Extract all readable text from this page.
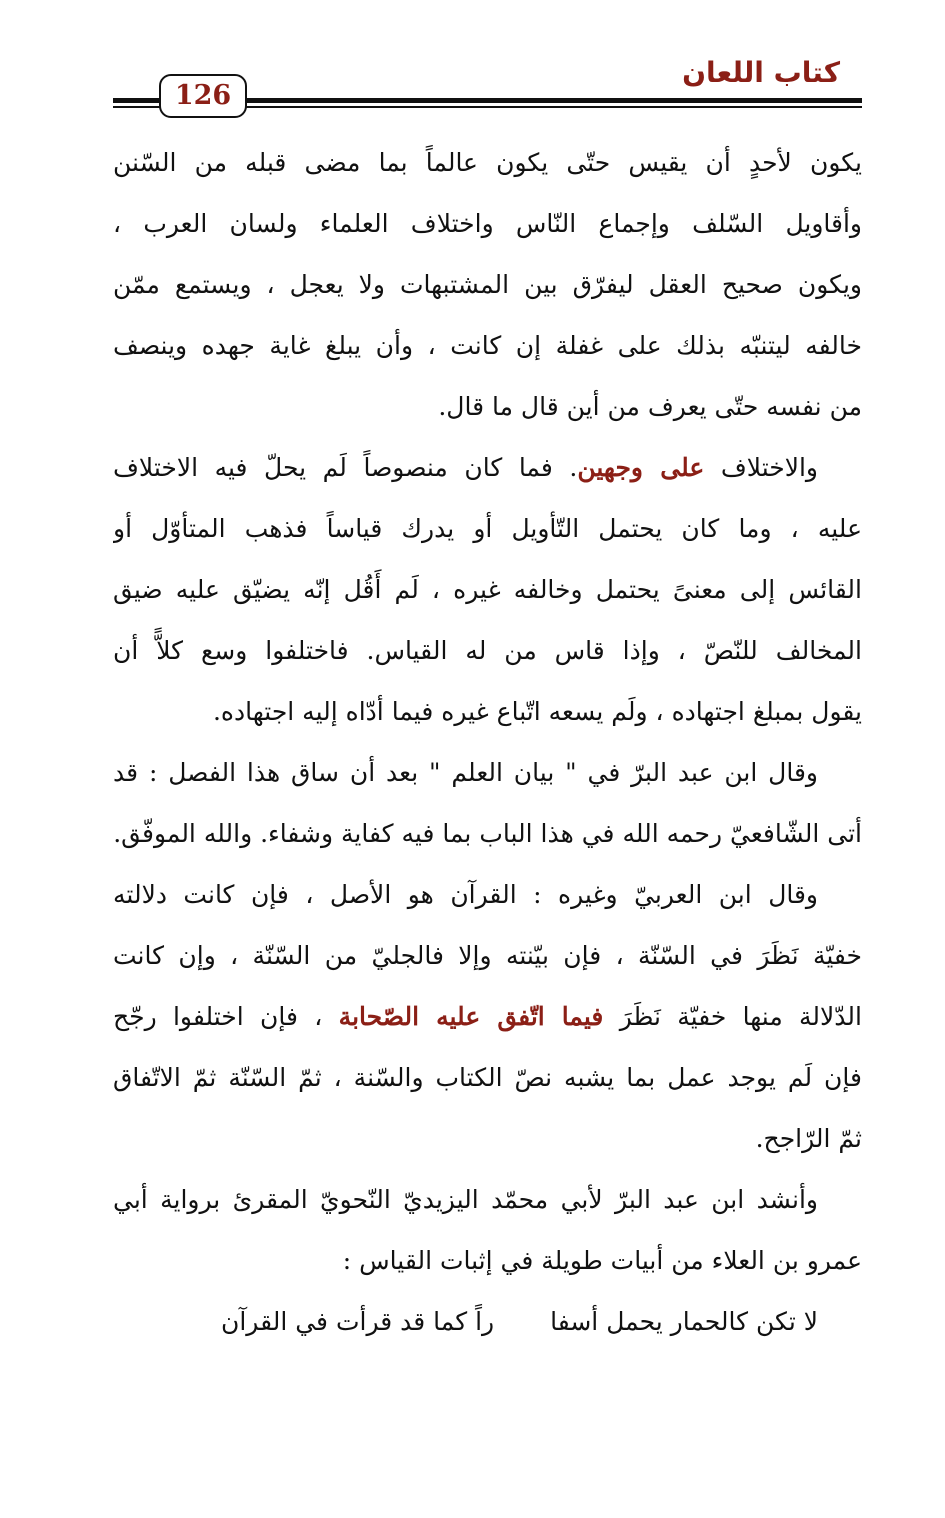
كتاب اللعان
126
يكون لأحدٍ أن يقيس حتّى يكون عالماً بما مضى قبله من السّنن
وأقاويل السّلف وإجماع النّاس واختلاف العلماء ولسان العرب ،
ويكون صحيح العقل ليفرّق بين المشتبهات ولا يعجل ، ويستمع ممّن
خالفه ليتنبّه بذلك على غفلة إن كانت ، وأن يبلغ غاية جهده وينصف
من نفسه حتّى يعرف من أين قال ما قال.
والاختلاف على وجهين. فما كان منصوصاً لَم يحلّ فيه الاختلاف
عليه ، وما كان يحتمل التّأويل أو يدرك قياساً فذهب المتأوّل أو
القائس إلى معنىً يحتمل وخالفه غيره ، لَم أَقُل إنّه يضيّق عليه ضيق
المخالف للنّصّ ، وإذا قاس من له القياس. فاختلفوا وسع كلاًّ أن
يقول بمبلغ اجتهاده ، ولَم يسعه اتّباع غيره فيما أدّاه إليه اجتهاده.
وقال ابن عبد البرّ في " بيان العلم " بعد أن ساق هذا الفصل : قد
أتى الشّافعيّ رحمه الله في هذا الباب بما فيه كفاية وشفاء. والله الموفّق.
وقال ابن العربيّ وغيره : القرآن هو الأصل ، فإن كانت دلالته
خفيّة نَظَرَ في السّنّة ، فإن بيّنته وإلا فالجليّ من السّنّة ، وإن كانت
الدّلالة منها خفيّة نَظَرَ فيما اتّفق عليه الصّحابة ، فإن اختلفوا رجّح
فإن لَم يوجد عمل بما يشبه نصّ الكتاب والسّنة ، ثمّ السّنّة ثمّ الاتّفاق
ثمّ الرّاجح.
وأنشد ابن عبد البرّ لأبي محمّد اليزيديّ النّحويّ المقرئ برواية أبي
عمرو بن العلاء من أبيات طويلة في إثبات القياس :
لا تكن كالحمار يحمل أسفاراً كما قد قرأت في القرآن
